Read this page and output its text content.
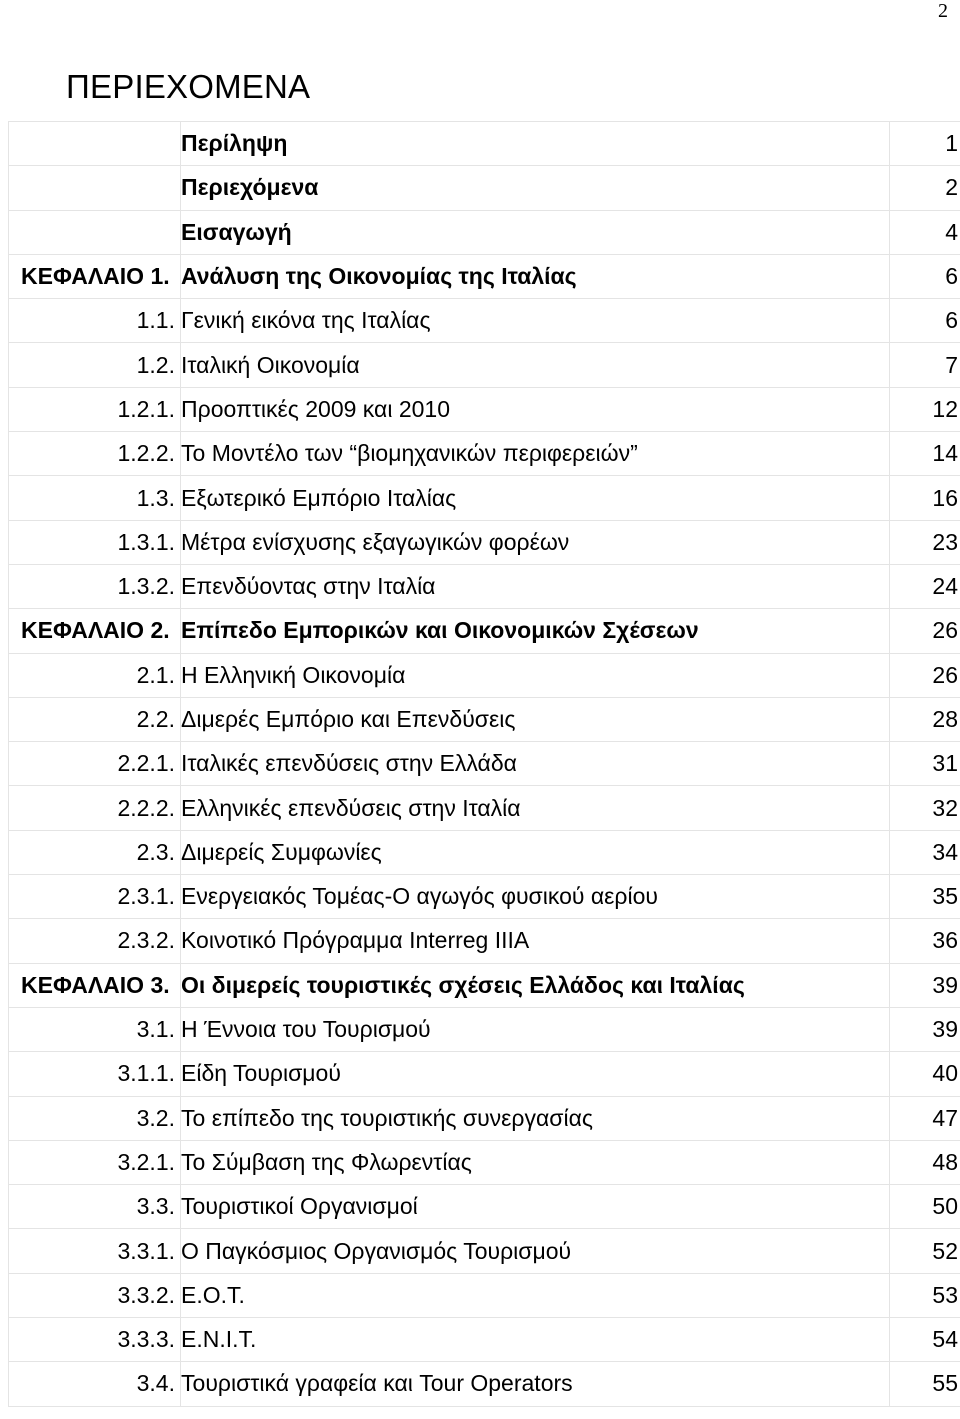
2
ΠΕΡΙΕΧΟΜΕΝΑ
	Περίληψη	1
	Περιεχόμενα	2
	Εισαγωγή	4
ΚΕΦΑΛΑΙΟ 1.	Ανάλυση της Οικονομίας της Ιταλίας	6
1.1.	Γενική εικόνα της Ιταλίας	6
1.2.	Ιταλική Οικονομία	7
1.2.1.	Προοπτικές 2009 και 2010	12
1.2.2.	Το Μοντέλο των “βιομηχανικών περιφερειών”	14
1.3.	Εξωτερικό Εμπόριο Ιταλίας	16
1.3.1.	Μέτρα ενίσχυσης εξαγωγικών φορέων	23
1.3.2.	Επενδύοντας στην Ιταλία	24
ΚΕΦΑΛΑΙΟ 2.	Επίπεδο Εμπορικών και Οικονομικών Σχέσεων	26
2.1.	Η Ελληνική Οικονομία	26
2.2.	Διμερές Εμπόριο και Επενδύσεις	28
2.2.1.	Ιταλικές επενδύσεις στην Ελλάδα	31
2.2.2.	Ελληνικές επενδύσεις στην Ιταλία	32
2.3.	Διμερείς Συμφωνίες	34
2.3.1.	Ενεργειακός Τομέας-Ο αγωγός φυσικού αερίου	35
2.3.2.	Κοινοτικό Πρόγραμμα Interreg IIIA	36
ΚΕΦΑΛΑΙΟ 3.	Οι διμερείς τουριστικές σχέσεις Ελλάδος και Ιταλίας	39
3.1.	Η Έννοια του Τουρισμού	39
3.1.1.	Είδη Τουρισμού	40
3.2.	Το επίπεδο της τουριστικής συνεργασίας	47
3.2.1.	Το Σύμβαση της Φλωρεντίας	48
3.3.	Τουριστικοί Οργανισμοί	50
3.3.1.	Ο Παγκόσμιος Οργανισμός Τουρισμού	52
3.3.2.	Ε.Ο.Τ.	53
3.3.3.	Ε.Ν.Ι.Τ.	54
3.4.	Τουριστικά γραφεία και Tour Operators	55
